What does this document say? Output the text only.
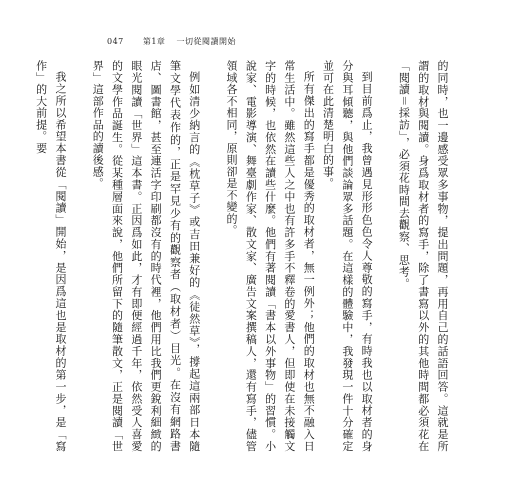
047 第1章 一切從閱讀開始

的同時，也一邊感受眾多事物，提出問題，再用自己的話語回答。這就是所謂的取材與閱讀。身爲取材者的寫手，除了書寫以外的其他時間都必須花在「閱讀＝採訪」，必須花時間去觀察、思考。

到目前爲止，我曾遇見形形色色令人尊敬的寫手，有時我也以取材者的身分與耳傾聽，與他們談論眾多話題。在這樣的體驗中，我發現一件十分確定並可在此清楚明白的事。

所有傑出的寫手都是優秀的取材者，無一例外；他們的取材也無不融入日常生活中。雖然這些人之中也有許多手不釋卷的愛書人，但即使在未接觸文字的時候，也依然在讀些什麼。他們有著閱讀「書本以外事物」的習慣。小說家、電影導演、舞臺劇作家、散文家、廣告文案撰稿人，還有寫手，儘管領域各不相同，原則卻是不變的。

例如清少納言的《枕草子》或吉田兼好的《徒然草》，撐起這兩部日本隨筆文學代表作的，正是罕見少有的觀察者（取材者）目光。在沒有網路書店、圖書館，甚至連活字印刷都沒有的時代裡，他們用比我們更銳利細緻的眼光閱讀「世界」這本書。正因爲如此，才有即便經過千年，依然受人喜愛的文學作品誕生。從某種層面來說，他們所留下的隨筆散文，正是閱讀「世界」這部作品的讀後感。

我之所以希望本書從「閱讀」開始，是因爲這也是取材的第一步，是「寫作」的大前提。要
